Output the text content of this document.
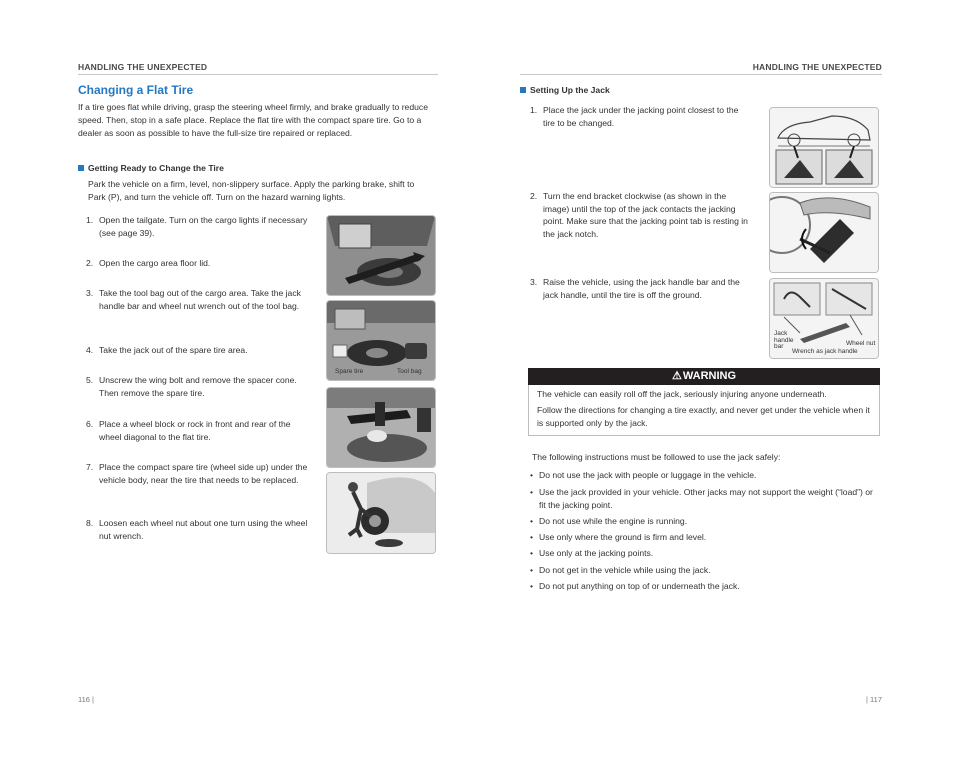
HANDLING THE UNEXPECTED	HANDLING THE UNEXPECTED
Changing a Flat Tire
If a tire goes flat while driving, grasp the steering wheel firmly, and brake gradually to reduce speed. Then, stop in a safe place. Replace the flat tire with the compact spare tire. Go to a dealer as soon as possible to have the full-size tire repaired or replaced.
Getting Ready to Change the Tire
Park the vehicle on a firm, level, non-slippery surface. Apply the parking brake, shift to Park (P), and turn the vehicle off. Turn on the hazard warning lights.
1. Open the tailgate. Turn on the cargo lights if necessary (see page 39).
2. Open the cargo area floor lid.
3. Take the tool bag out of the cargo area. Take the jack handle bar and wheel nut wrench out of the tool bag.
4. Take the jack out of the spare tire area.
5. Unscrew the wing bolt and remove the spacer cone. Then remove the spare tire.
6. Place a wheel block or rock in front and rear of the wheel diagonal to the flat tire.
7. Place the compact spare tire (wheel side up) under the vehicle body, near the tire that needs to be replaced.
8. Loosen each wheel nut about one turn using the wheel nut wrench.
Spare tire	Tool bag
116 |
Setting Up the Jack
1. Place the jack under the jacking point closest to the tire to be changed.
2. Turn the end bracket clockwise (as shown in the image) until the top of the jack contacts the jacking point. Make sure that the jacking point tab is resting in the jack notch.
3. Raise the vehicle, using the jack handle bar and the jack handle, until the tire is off the ground.
Jack handle bar	Wheel nut
Wrench as jack handle
⚠WARNING
The vehicle can easily roll off the jack, seriously injuring anyone underneath.
Follow the directions for changing a tire exactly, and never get under the vehicle when it is supported only by the jack.
The following instructions must be followed to use the jack safely:
• Do not use the jack with people or luggage in the vehicle.
• Use the jack provided in your vehicle. Other jacks may not support the weight (“load”) or fit the jacking point.
• Do not use while the engine is running.
• Use only where the ground is firm and level.
• Use only at the jacking points.
• Do not get in the vehicle while using the jack.
• Do not put anything on top of or underneath the jack.
| 117
